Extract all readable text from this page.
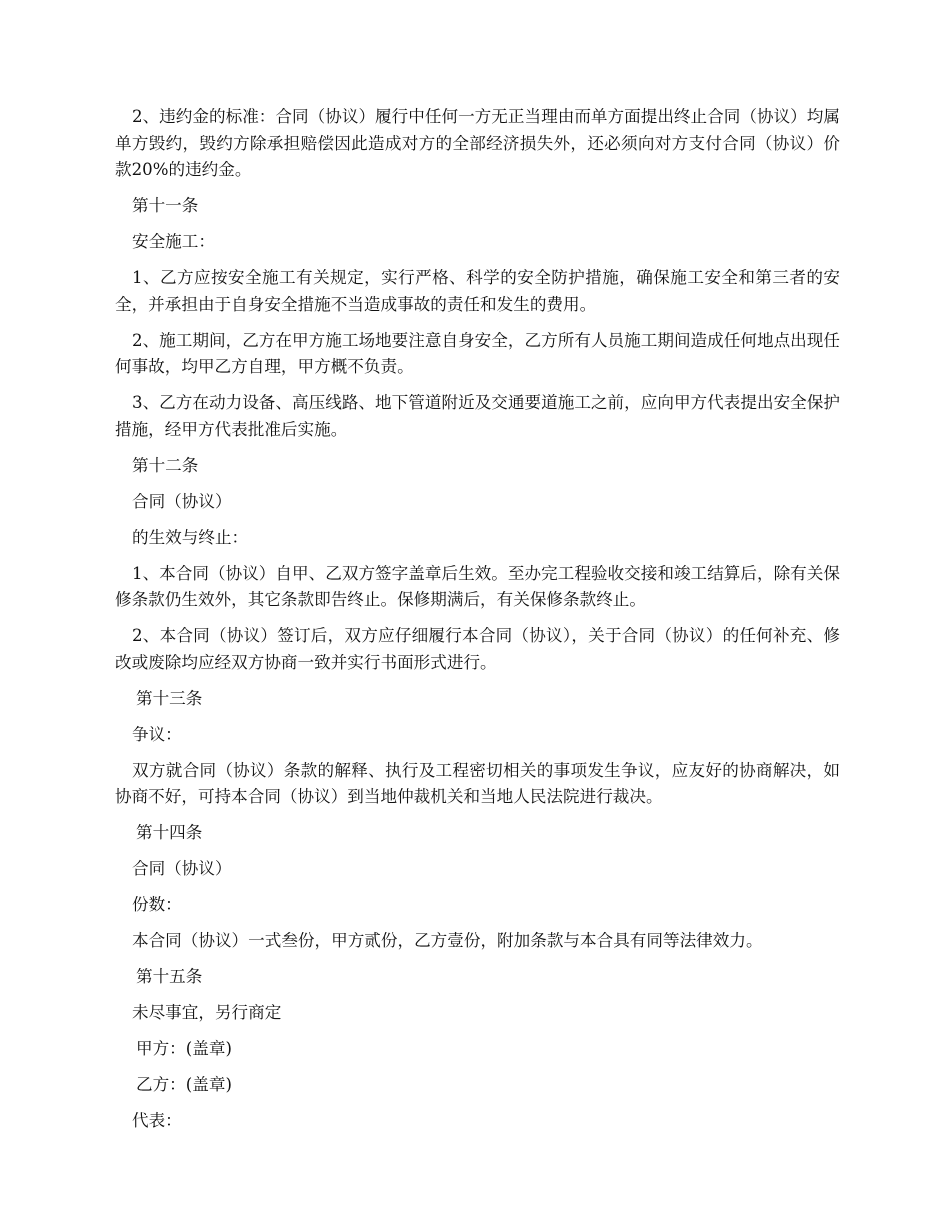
2、违约金的标准：合同（协议）履行中任何一方无正当理由而单方面提出终止合同（协议）均属单方毁约，毁约方除承担赔偿因此造成对方的全部经济损失外，还必须向对方支付合同（协议）价款20%的违约金。

第十一条

安全施工：

1、乙方应按安全施工有关规定，实行严格、科学的安全防护措施，确保施工安全和第三者的安全，并承担由于自身安全措施不当造成事故的责任和发生的费用。

2、施工期间，乙方在甲方施工场地要注意自身安全，乙方所有人员施工期间造成任何地点出现任何事故，均甲乙方自理，甲方概不负责。

3、乙方在动力设备、高压线路、地下管道附近及交通要道施工之前，应向甲方代表提出安全保护措施，经甲方代表批准后实施。

第十二条

合同（协议）

的生效与终止：

1、本合同（协议）自甲、乙双方签字盖章后生效。至办完工程验收交接和竣工结算后，除有关保修条款仍生效外，其它条款即告终止。保修期满后，有关保修条款终止。

2、本合同（协议）签订后，双方应仔细履行本合同（协议），关于合同（协议）的任何补充、修改或废除均应经双方协商一致并实行书面形式进行。

第十三条

争议：

双方就合同（协议）条款的解释、执行及工程密切相关的事项发生争议，应友好的协商解决，如协商不好，可持本合同（协议）到当地仲裁机关和当地人民法院进行裁决。

第十四条

合同（协议）

份数：

本合同（协议）一式叁份，甲方贰份，乙方壹份，附加条款与本合具有同等法律效力。

第十五条

未尽事宜，另行商定

甲方：(盖章)

乙方：(盖章)

代表：
